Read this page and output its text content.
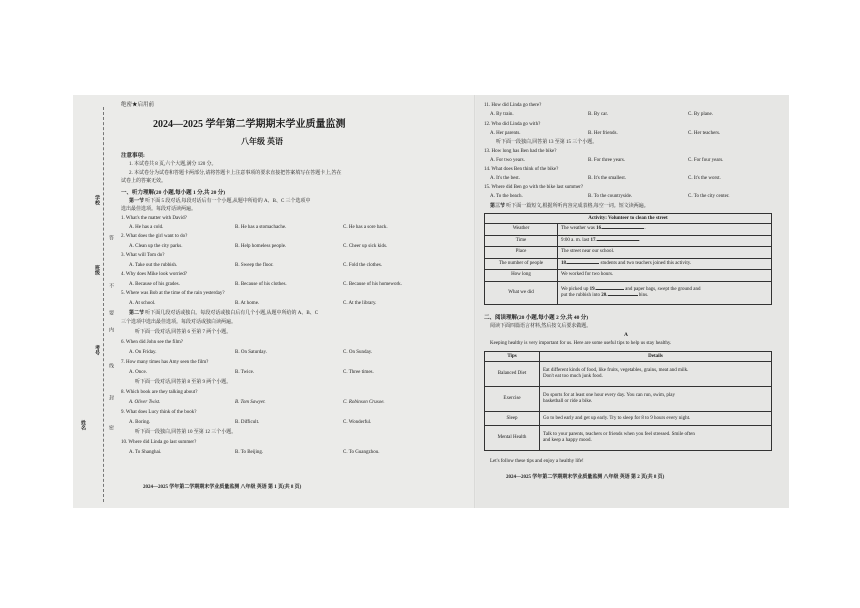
学校
班级
考号
姓名
答
不
要
内
线
封
密
绝密★启用前
2024—2025 学年第二学期期末学业质量监测
八年级 英语
注意事项:
1. 本试卷共 8 页,六个大题,满分 120 分。
2. 本试卷分为试卷和答题卡两部分,请将答题卡上注意事项的要求直接把答案填写在答题卡上,答在
试卷上的答案无效。
一、听力理解(20 小题,每小题 1 分,共 20 分)
第一节 听下面 5 段对话,每段对话后有一个小题,从题中所给的 A、B、C 三个选项中
选出最佳选项。每段对话读两遍。
1. What's the matter with David?
A. He has a cold.	B. He has a stomachache.	C. He has a sore back.
2. What does the girl want to do?
A. Clean up the city parks.	B. Help homeless people.	C. Cheer up sick kids.
3. What will Tom do?
A. Take out the rubbish.	B. Sweep the floor.	C. Fold the clothes.
4. Why does Mike look worried?
A. Because of his grades.	B. Because of his clothes.	C. Because of his homework.
5. Where was Bob at the time of the rain yesterday?
A. At school.	B. At home.	C. At the library.
第二节 听下面几段对话或独白。每段对话或独白后有几个小题,从题中所给的 A、B、C
三个选项中选出最佳选项。每段对话或独白读两遍。
听下面一段对话,回答第 6 至第 7 两个小题。
6. When did John see the film?
A. On Friday.	B. On Saturday.	C. On Sunday.
7. How many times has Amy seen the film?
A. Once.	B. Twice.	C. Three times.
听下面一段对话,回答第 8 至第 9 两个小题。
8. Which book are they talking about?
A. Oliver Twist.	B. Tom Sawyer.	C. Robinson Crusoe.
9. What does Lucy think of the book?
A. Boring.	B. Difficult.	C. Wonderful.
听下面一段独白,回答第 10 至第 12 三个小题。
10. Where did Linda go last summer?
A. To Shanghai.	B. To Beijing.	C. To Guangzhou.
2024—2025 学年第二学期期末学业质量监测 八年级 英语 第 1 页(共 8 页)
11. How did Linda go there?
A. By train.	B. By car.	C. By plane.
12. Who did Linda go with?
A. Her parents.	B. Her friends.	C. Her teachers.
听下面一段独白,回答第 13 至第 15 三个小题。
13. How long has Ben had the bike?
A. For two years.	B. For three years.	C. For four years.
14. What does Ben think of the bike?
A. It's the best.	B. It's the smallest.	C. It's the worst.
15. Where did Ben go with the bike last summer?
A. To the beach.	B. To the countryside.	C. To the city center.
第三节 听下面一篇短文,根据所听内容完成表格,每空一词。短文读两遍。
Activity: Volunteer to clean the street	
Weather	The weather was 16. .
Time	9:00 a. m. last 17. .
Place	The street near our school.
The number of people	18. students and two teachers joined this activity.
How long	We worked for two hours.
What we did	We picked up 19. and paper bags, swept the ground and
put the rubbish into 20. bins.
二、阅读理解(20 小题,每小题 2 分,共 40 分)
阅读下面四篇语言材料,然后按文后要求做题。
A
Keeping healthy is very important for us. Here are some useful tips to help us stay healthy.
Tips	Details
Balanced Diet	Eat different kinds of food, like fruits, vegetables, grains, meat and milk.
Don't eat too much junk food.
Exercise	Do sports for at least one hour every day. You can run, swim, play
basketball or ride a bike.
Sleep	Go to bed early and get up early. Try to sleep for 8 to 9 hours every night.
Mental Health	Talk to your parents, teachers or friends when you feel stressed. Smile often
and keep a happy mood.
Let's follow these tips and enjoy a healthy life!
2024—2025 学年第二学期期末学业质量监测 八年级 英语 第 2 页(共 8 页)
